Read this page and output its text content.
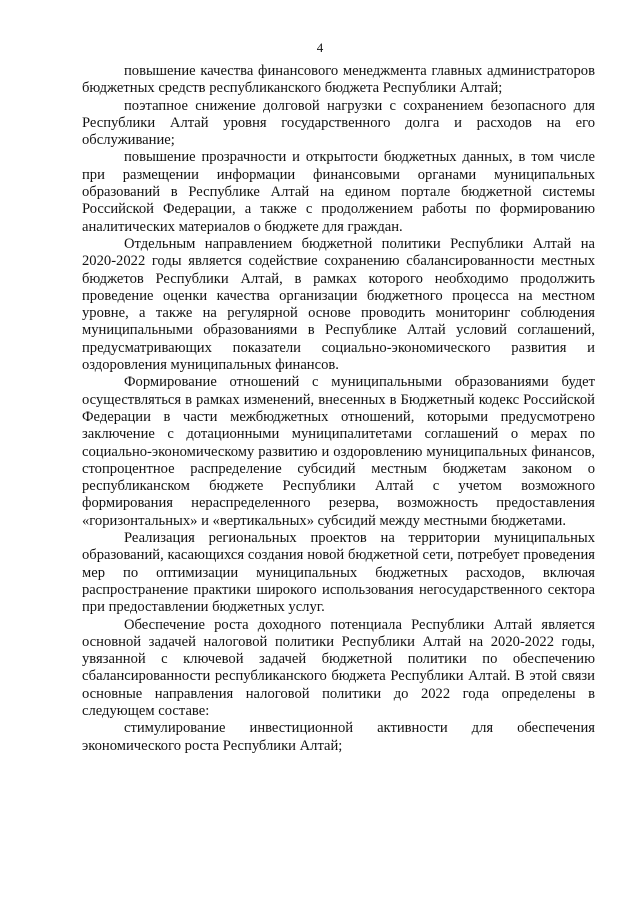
4

повышение качества финансового менеджмента главных администраторов бюджетных средств республиканского бюджета Республики Алтай;

поэтапное снижение долговой нагрузки с сохранением безопасного для Республики Алтай уровня государственного долга и расходов на его обслуживание;

повышение прозрачности и открытости бюджетных данных, в том числе при размещении информации финансовыми органами муниципальных образований в Республике Алтай на едином портале бюджетной системы Российской Федерации, а также с продолжением работы по формированию аналитических материалов о бюджете для граждан.

Отдельным направлением бюджетной политики Республики Алтай на 2020-2022 годы является содействие сохранению сбалансированности местных бюджетов Республики Алтай, в рамках которого необходимо продолжить проведение оценки качества организации бюджетного процесса на местном уровне, а также на регулярной основе проводить мониторинг соблюдения муниципальными образованиями в Республике Алтай условий соглашений, предусматривающих показатели социально-экономического развития и оздоровления муниципальных финансов.

Формирование отношений с муниципальными образованиями будет осуществляться в рамках изменений, внесенных в Бюджетный кодекс Российской Федерации в части межбюджетных отношений, которыми предусмотрено заключение с дотационными муниципалитетами соглашений о мерах по социально-экономическому развитию и оздоровлению муниципальных финансов, стопроцентное распределение субсидий местным бюджетам законом о республиканском бюджете Республики Алтай с учетом возможного формирования нераспределенного резерва, возможность предоставления «горизонтальных» и «вертикальных» субсидий между местными бюджетами.

Реализация региональных проектов на территории муниципальных образований, касающихся создания новой бюджетной сети, потребует проведения мер по оптимизации муниципальных бюджетных расходов, включая распространение практики широкого использования негосударственного сектора при предоставлении бюджетных услуг.

Обеспечение роста доходного потенциала Республики Алтай является основной задачей налоговой политики Республики Алтай на 2020-2022 годы, увязанной с ключевой задачей бюджетной политики по обеспечению сбалансированности республиканского бюджета Республики Алтай. В этой связи основные направления налоговой политики до 2022 года определены в следующем составе:

стимулирование инвестиционной активности для обеспечения экономического роста Республики Алтай;
